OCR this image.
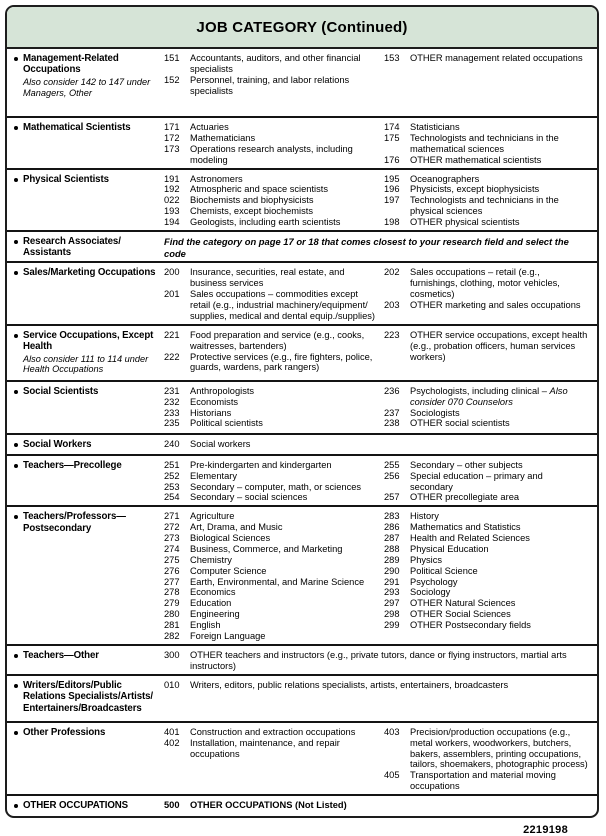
JOB CATEGORY (Continued)
Management-Related Occupations
Also consider 142 to 147 under Managers, Other
151	Accountants, auditors, and other financial specialists
152	Personnel, training, and labor relations specialists
153	OTHER management related occupations
Mathematical Scientists	171	Actuaries
172	Mathematicians
173	Operations research analysts, including modeling
174	Statisticians
175	Technologists and technicians in the mathematical sciences
176	OTHER mathematical scientists
Physical Scientists	191	Astronomers
192	Atmospheric and space scientists
022	Biochemists and biophysicists
193	Chemists, except biochemists
194	Geologists, including earth scientists
195	Oceanographers
196	Physicists, except biophysicists
197	Technologists and technicians in the physical sciences
198	OTHER physical scientists
Research Associates/​Assistants
Find the category on page 17 or 18 that comes closest to your research field and select the code
Sales/​Marketing Occupations 200	Insurance, securities, real estate, and business services
201	Sales occupations – commodities except retail (e.g., industrial machinery/​equipment/​supplies, medical and dental equip./​supplies)
202	Sales occupations – retail (e.g., furnishings, clothing, motor vehicles, cosmetics)
203	OTHER marketing and sales occupations
Service Occupations, Except Health
Also consider 111 to 114 under Health Occupations
221	Food preparation and service (e.g., cooks, waitresses, bartenders)
222	Protective services (e.g., fire fighters, police, guards, wardens, park rangers)
223	OTHER service occupations, except health (e.g., probation officers, human services workers)
Social Scientists	231	Anthropologists
232	Economists
233	Historians
235	Political scientists
236	Psychologists, including clinical – Also consider 070 Counselors
237	Sociologists
238	OTHER social scientists
Social Workers	240	Social workers
Teachers—Precollege	251	Pre-kindergarten and kindergarten
252	Elementary
253	Secondary – computer, math, or sciences
254	Secondary – social sciences
255	Secondary – other subjects
256	Special education – primary and secondary
257	OTHER precollegiate area
Teachers/​Professors—Postsecondary
271	Agriculture
272	Art, Drama, and Music
273	Biological Sciences
274	Business, Commerce, and Marketing
275	Chemistry
276	Computer Science
277	Earth, Environmental, and Marine Science
278	Economics
279	Education
280	Engineering
281	English
282	Foreign Language
283	History
286	Mathematics and Statistics
287	Health and Related Sciences
288	Physical Education
289	Physics
290	Political Science
291	Psychology
293	Sociology
297	OTHER Natural Sciences
298	OTHER Social Sciences
299	OTHER Postsecondary fields
Teachers—Other	300	OTHER teachers and instructors (e.g., private tutors, dance or flying instructors, martial arts instructors)
Writers/​Editors/​Public Relations Specialists/​Artists/​Entertainers/​Broadcasters
010	Writers, editors, public relations specialists, artists, entertainers, broadcasters
Other Professions	401	Construction and extraction occupations
402	Installation, maintenance, and repair occupations
403	Precision/​production occupations (e.g., metal workers, woodworkers, butchers, bakers, assemblers, printing occupations, tailors, shoemakers, photographic process)
405	Transportation and material moving occupations
OTHER OCCUPATIONS	500	OTHER OCCUPATIONS (Not Listed)
2219198
